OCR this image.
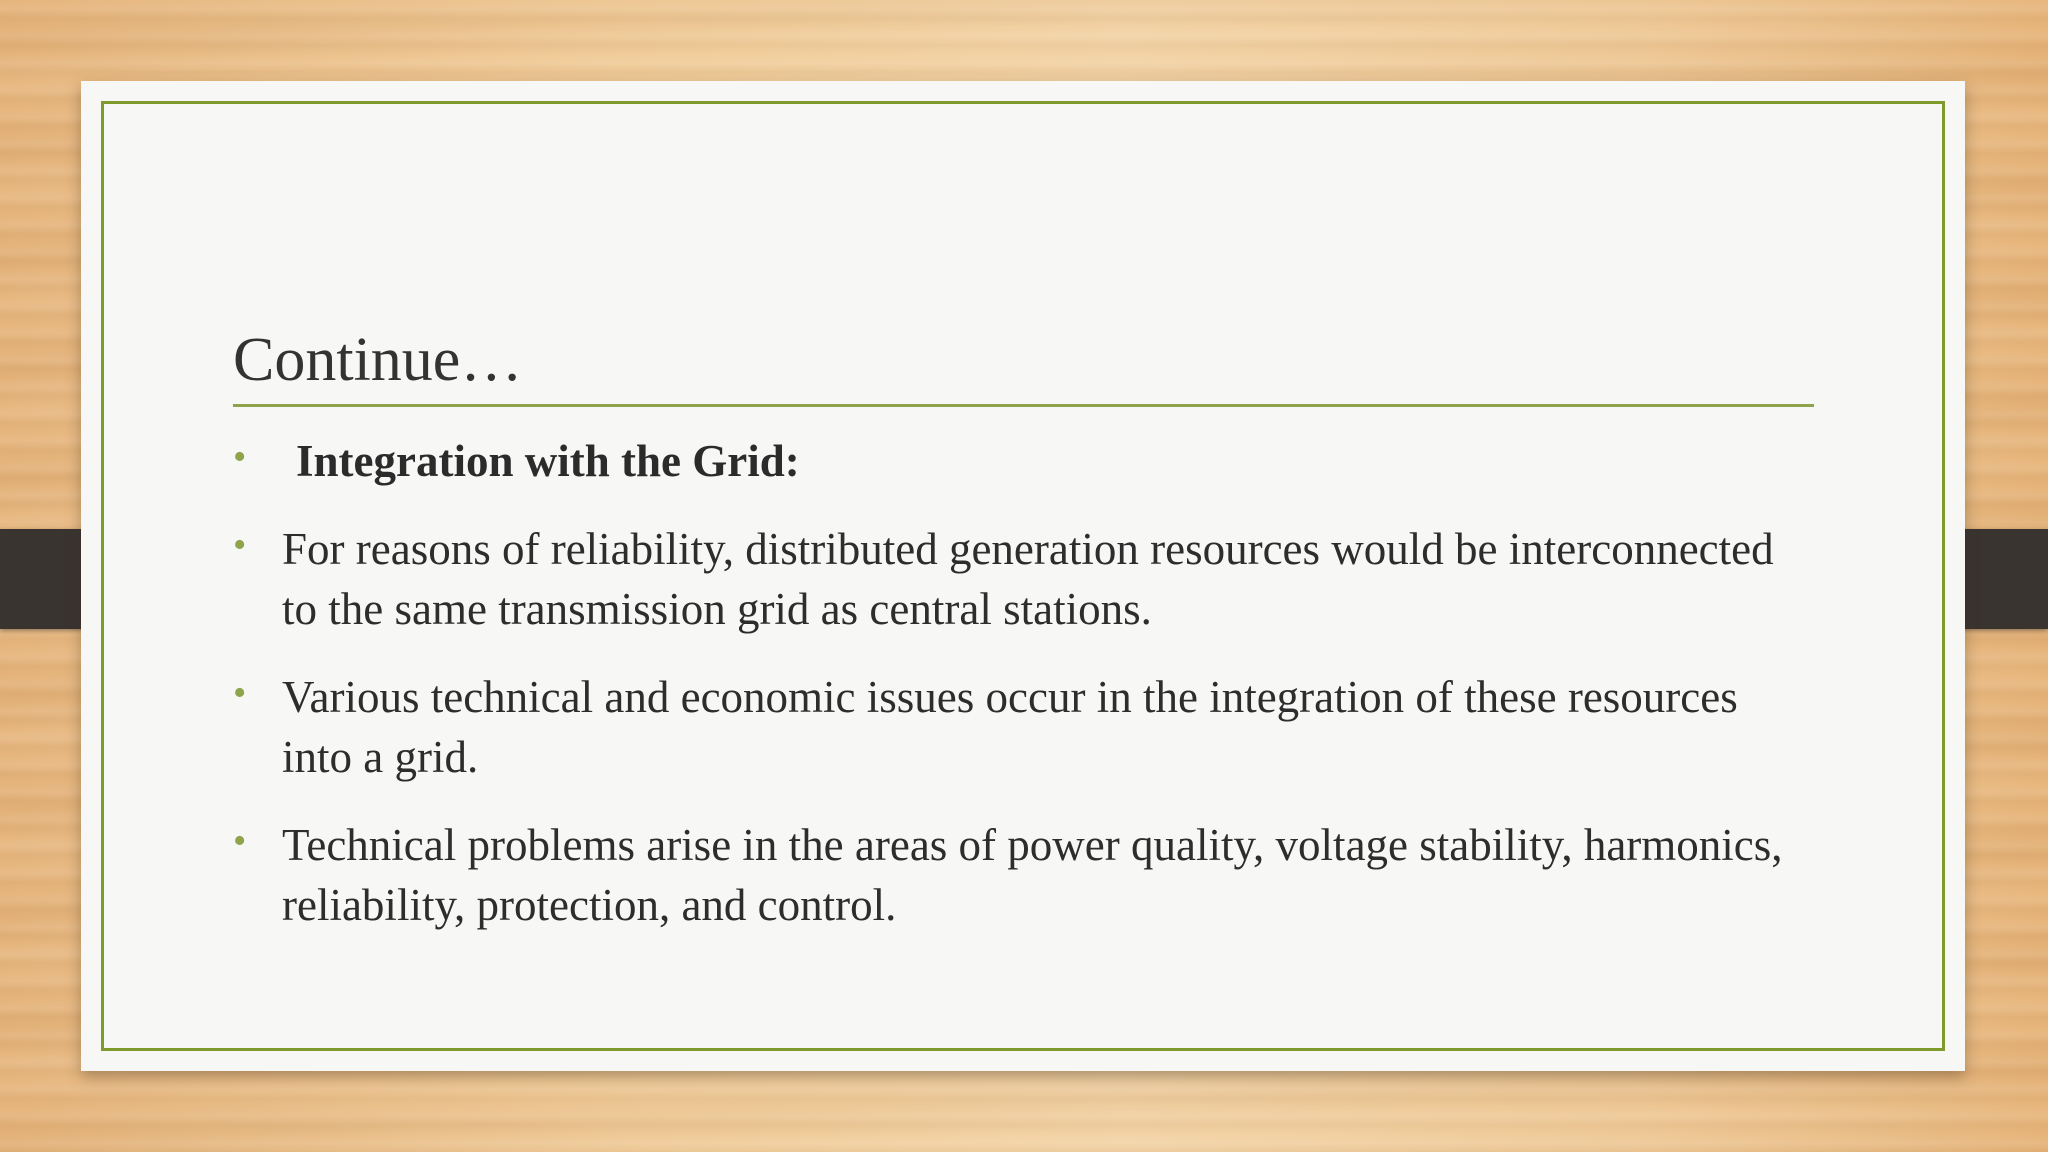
Continue…
• Integration with the Grid:
• For reasons of reliability, distributed generation resources would be interconnected to the same transmission grid as central stations.
• Various technical and economic issues occur in the integration of these resources into a grid.
• Technical problems arise in the areas of power quality, voltage stability, harmonics, reliability, protection, and control.
